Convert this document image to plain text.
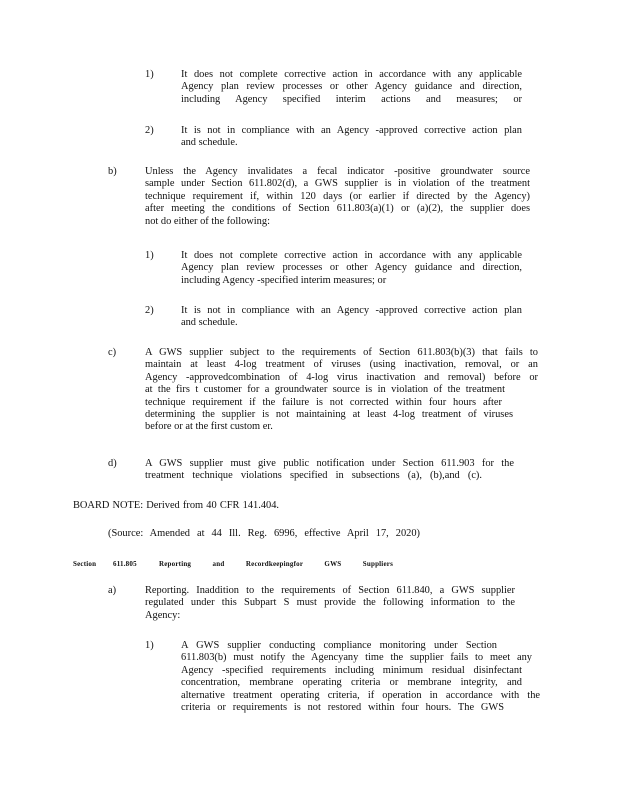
1)	It does not complete corrective action in accordance with any applicable

Agency plan review processes or other Agency guidance and direction,

including Agency specified interim actions and measures; or

2)	It is not in compliance with an Agency -approved corrective action plan

and schedule.

b)	Unless the Agency invalidates a fecal indicator -positive groundwater source

sample under Section 611.802(d), a GWS supplier is in violation of the treatment

technique requirement if, within 120 days (or earlier if directed by the Agency)

after meeting the conditions of Section 611.803(a)(1) or (a)(2), the supplier does

not do either of the following:

1)	It does not complete corrective action in accordance with any applicable

Agency plan review processes or other Agency guidance and direction,

including Agency -specified interim measures; or

2)	It is not in compliance with an Agency -approved corrective action plan

and schedule.

c)	A GWS supplier subject to the requirements of Section 611.803(b)(3) that fails to

maintain at least 4-log treatment of viruses (using inactivation, removal, or an

Agency -approvedcombination of 4-log virus inactivation and removal) before or

at the firs t customer for a groundwater source is in violation of the treatment

technique requirement if the failure is not corrected within four hours after

determining the supplier is not maintaining at least 4-log treatment of viruses

before or at the first custom er.

d)	A GWS supplier must give public notification under Section 611.903 for the

treatment technique violations specified in subsections (a), (b),and (c).

BOARD NOTE: Derived from 40 CFR 141.404.
(Source: Amended at 44 Ill. Reg. 6996, effective April 17, 2020)
Section 611.805	Reporting and Recordkeepingfor GWS Suppliers
a)	Reporting. Inaddition to the requirements of Section 611.840, a GWS supplier

regulated under this Subpart S must provide the following information to the

Agency:

1)	A GWS supplier conducting compliance monitoring under Section

611.803(b) must notify the Agencyany time the supplier fails to meet any

Agency -specified requirements including minimum residual disinfectant

concentration, membrane operating criteria or membrane integrity, and

alternative treatment operating criteria, if operation in accordance with the

criteria or requirements is not restored within four hours. The GWS
